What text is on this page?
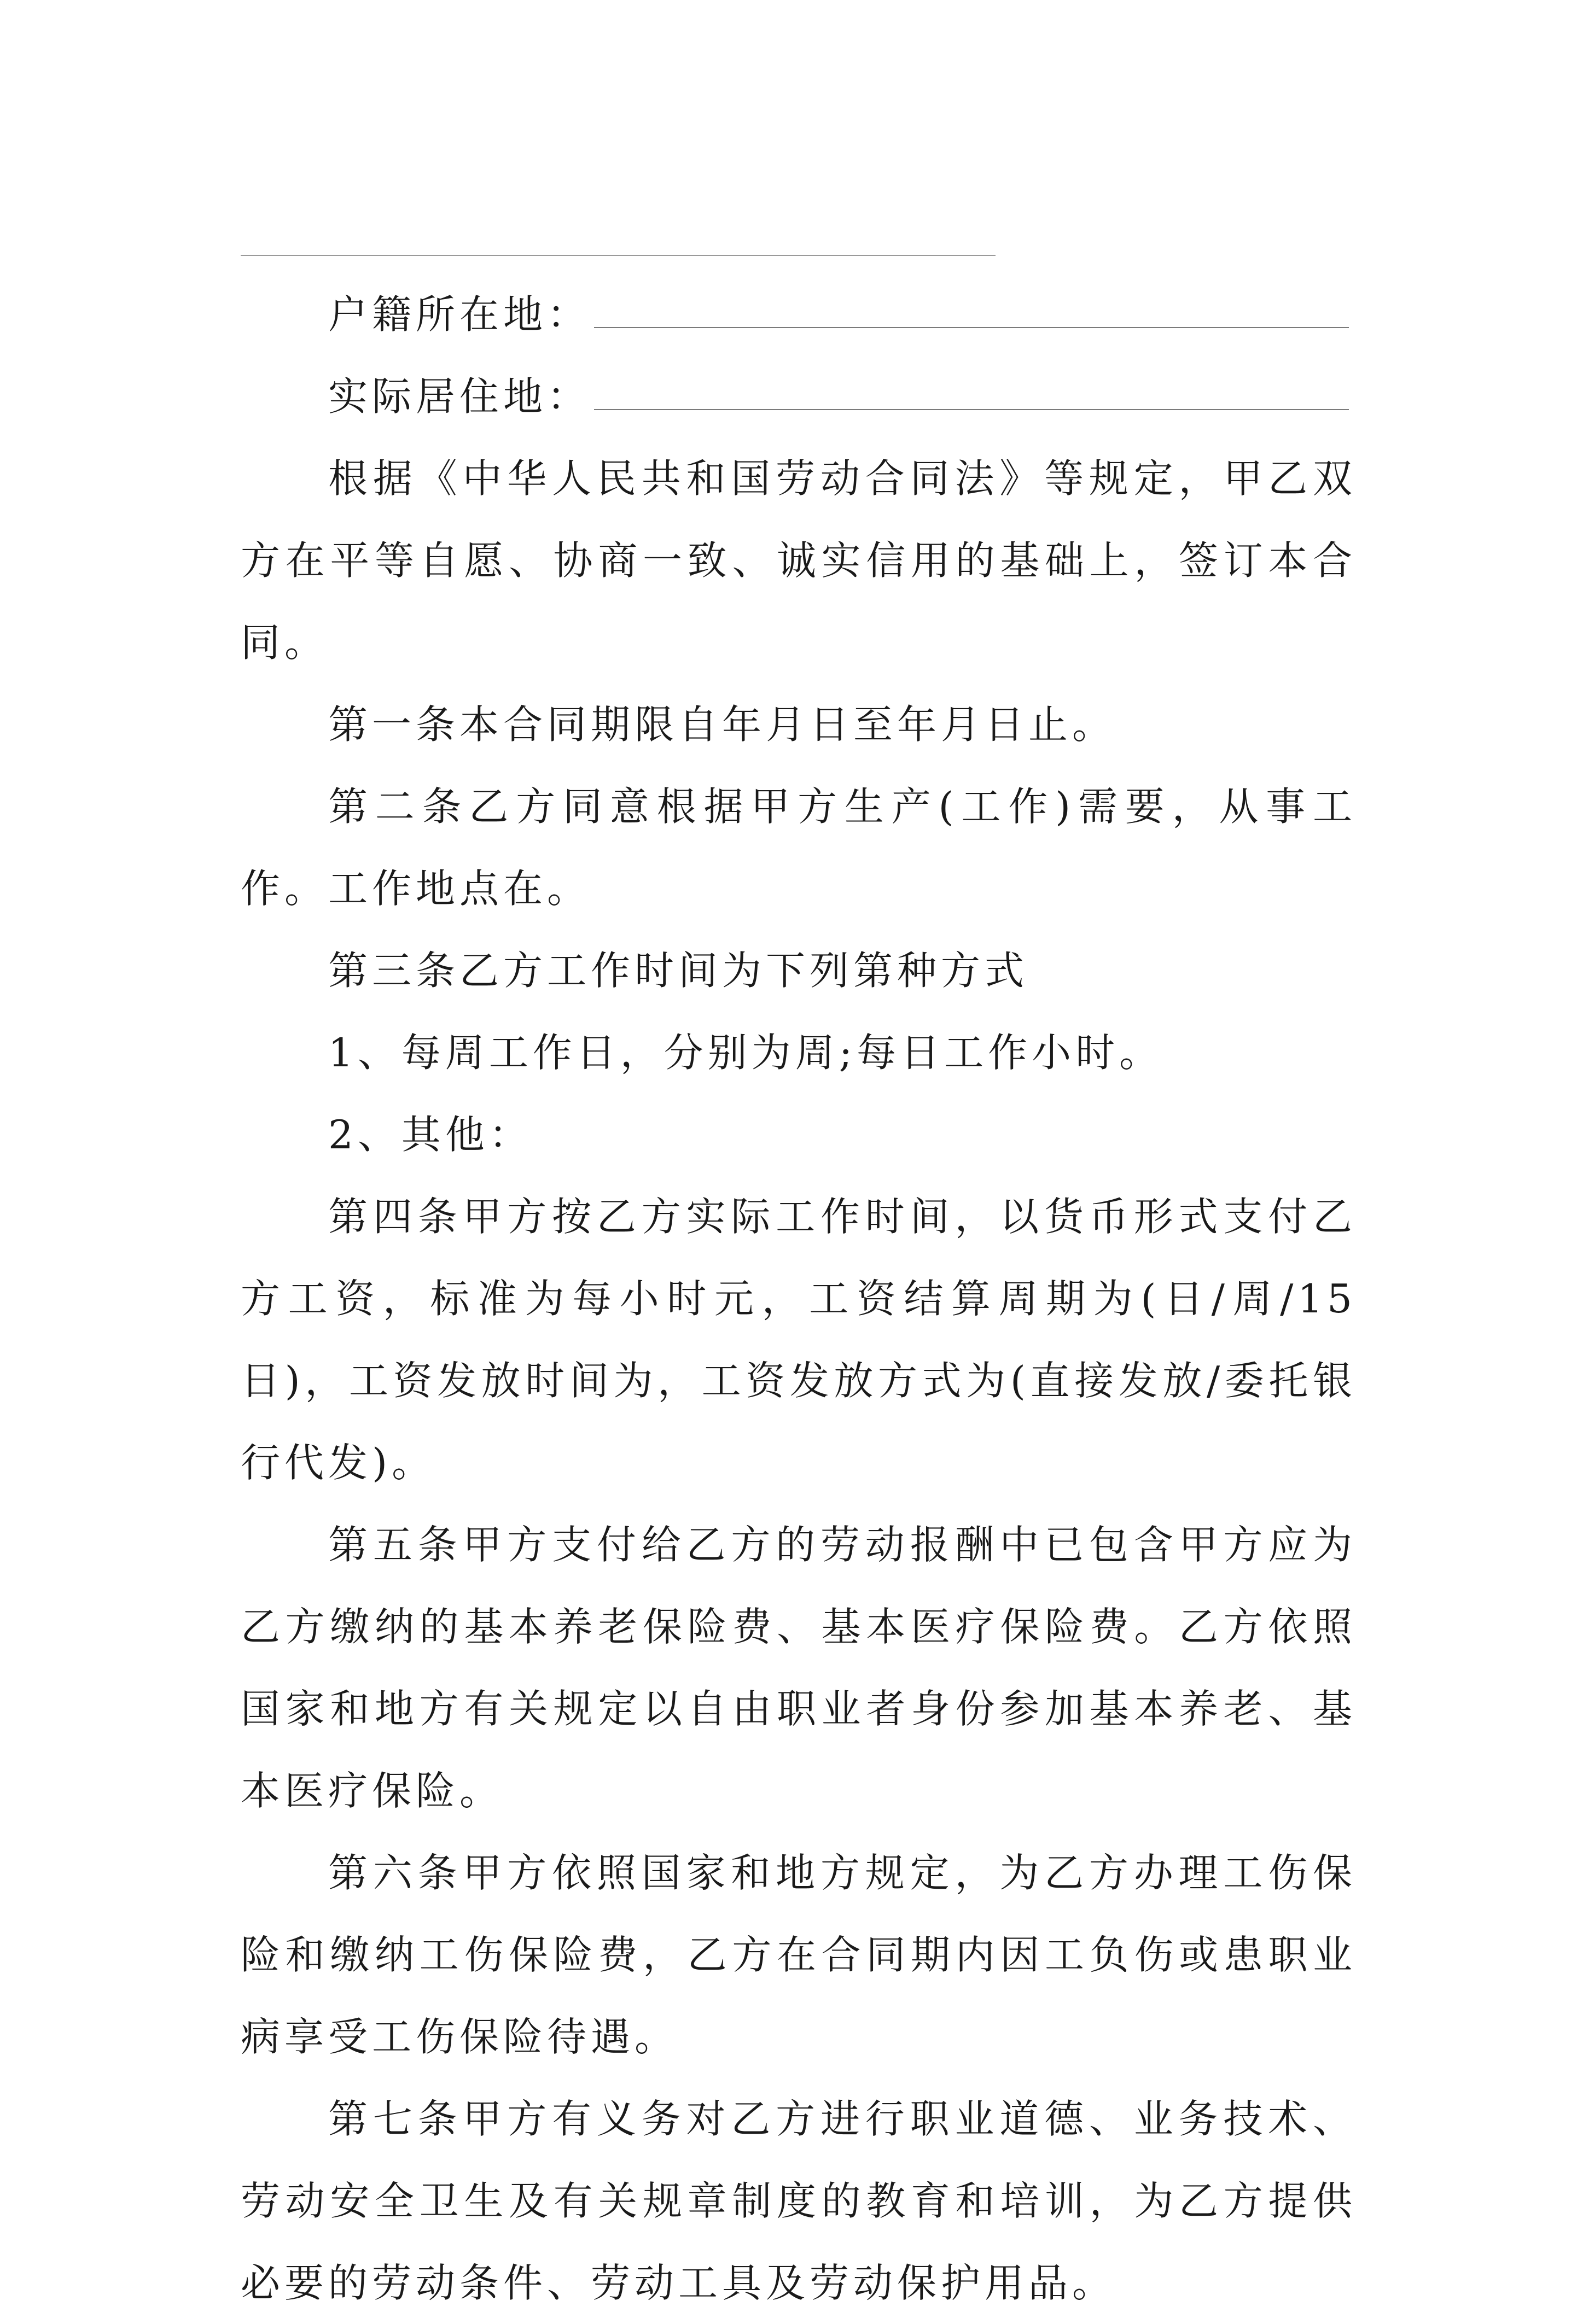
户籍所在地：

实际居住地：

根据《中华人民共和国劳动合同法》等规定，甲乙双方在平等自愿、协商一致、诚实信用的基础上，签订本合同。

第一条本合同期限自年月日至年月日止。

第二条乙方同意根据甲方生产(工作)需要，从事工作。工作地点在。

第三条乙方工作时间为下列第种方式

1、每周工作日，分别为周;每日工作小时。

2、其他：

第四条甲方按乙方实际工作时间，以货币形式支付乙方工资，标准为每小时元，工资结算周期为(日/周/15日)，工资发放时间为，工资发放方式为(直接发放/委托银行代发)。

第五条甲方支付给乙方的劳动报酬中已包含甲方应为乙方缴纳的基本养老保险费、基本医疗保险费。乙方依照国家和地方有关规定以自由职业者身份参加基本养老、基本医疗保险。

第六条甲方依照国家和地方规定，为乙方办理工伤保险和缴纳工伤保险费，乙方在合同期内因工负伤或患职业病享受工伤保险待遇。

第七条甲方有义务对乙方进行职业道德、业务技术、劳动安全卫生及有关规章制度的教育和培训，为乙方提供必要的劳动条件、劳动工具及劳动保护用品。
